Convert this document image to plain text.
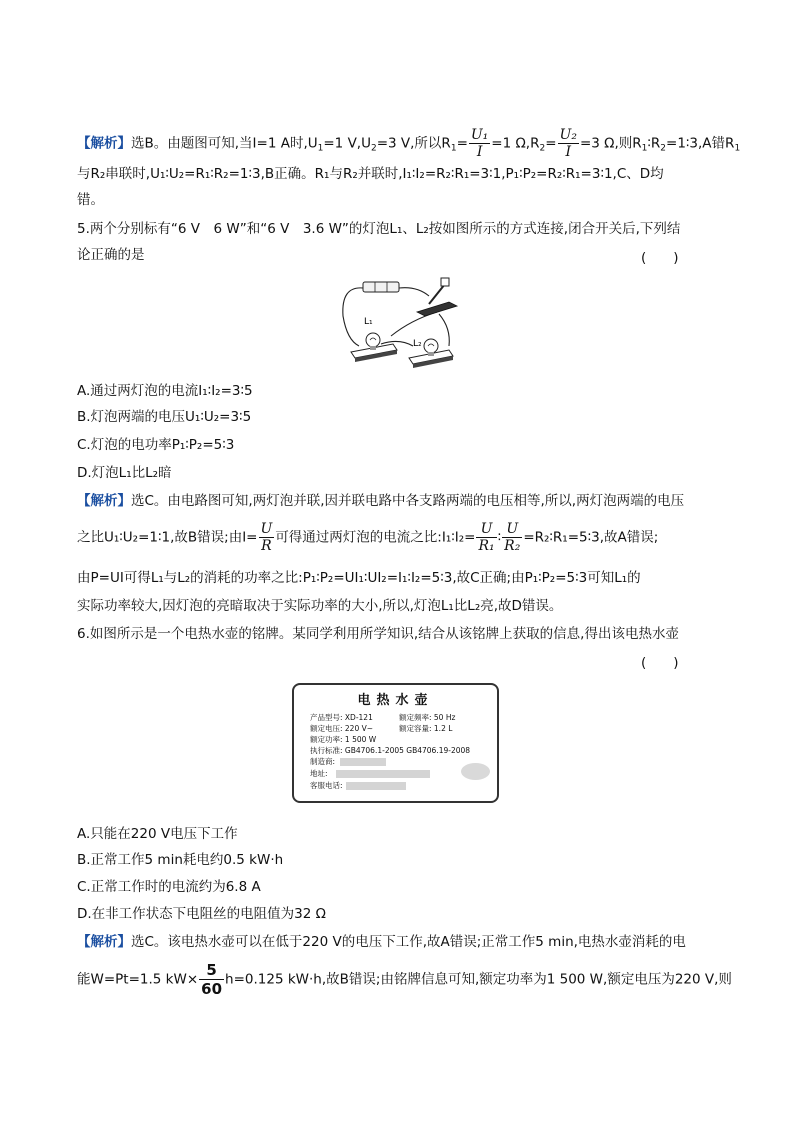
【解析】选B。由题图可知,当I=1 A时$,U_1=1$ $V,U_2=3$ V,所以$R_1= \frac{\text{U₁}}{I} =1$ $\Omega,R_2= \frac{\text{U₂}}{I} =3$ Ω,则$R_1∶R_2=1∶3,A$错$R_1$
与R₂串联时,U₁∶U₂=R₁∶R₂=1∶3,B正确。R₁与R₂并联时,I₁∶I₂=R₂∶R₁=3∶1,P₁∶P₂=R₂∶R₁=3∶1,C、D均
错。
5.两个分别标有“6 V　6 W”和“6 V　3.6 W”的灯泡L₁、L₂按如图所示的方式连接,闭合开关后,下列结
论正确的是	(　　)
L₁
L₂
A.通过两灯泡的电流I₁∶I₂=3∶5
B.灯泡两端的电压U₁∶U₂=3∶5
C.灯泡的电功率P₁∶P₂=5∶3
D.灯泡L₁比L₂暗
【解析】选C。由电路图可知,两灯泡并联,因并联电路中各支路两端的电压相等,所以,两灯泡两端的电压
之比U₁∶U₂=1∶1,故B错误;由$I= \frac{U}{R}$ 可得通过两灯泡的电流之比:I₁∶I₂= $\frac{U}{\text{R₁}}$ ∶ $\frac{U}{\text{R₂}}$ =R₂∶R₁=5∶3,故A错误;
由P=UI可得L₁与L₂的消耗的功率之比:P₁∶P₂=UI₁∶UI₂=I₁∶I₂=5∶3,故C正确;由P₁∶P₂=5∶3可知L₁的
实际功率较大,因灯泡的亮暗取决于实际功率的大小,所以,灯泡L₁比L₂亮,故D错误。
6.如图所示是一个电热水壶的铭牌。某同学利用所学知识,结合从该铭牌上获取的信息,得出该电热水壶
(　　)
电热水壶
产品型号: XD-121	额定频率: 50 Hz
额定电压: 220 V~	额定容量: 1.2 L
额定功率: 1 500 W
执行标准: GB4706.1-2005 GB4706.19-2008
制造商:
地址:
客服电话:
A.只能在220 V电压下工作
B.正常工作5 min耗电约0.5 kW·h
C.正常工作时的电流约为6.8 A
D.在非工作状态下电阻丝的电阻值为32 Ω
【解析】选C。该电热水壶可以在低于220 V的电压下工作,故A错误;正常工作5 min,电热水壶消耗的电
能W=Pt=1.5 $kW\times \frac{5}{60} h=0.125$ kW·h,故B错误;由铭牌信息可知,额定功率为1 500 W,额定电压为220 V,则
